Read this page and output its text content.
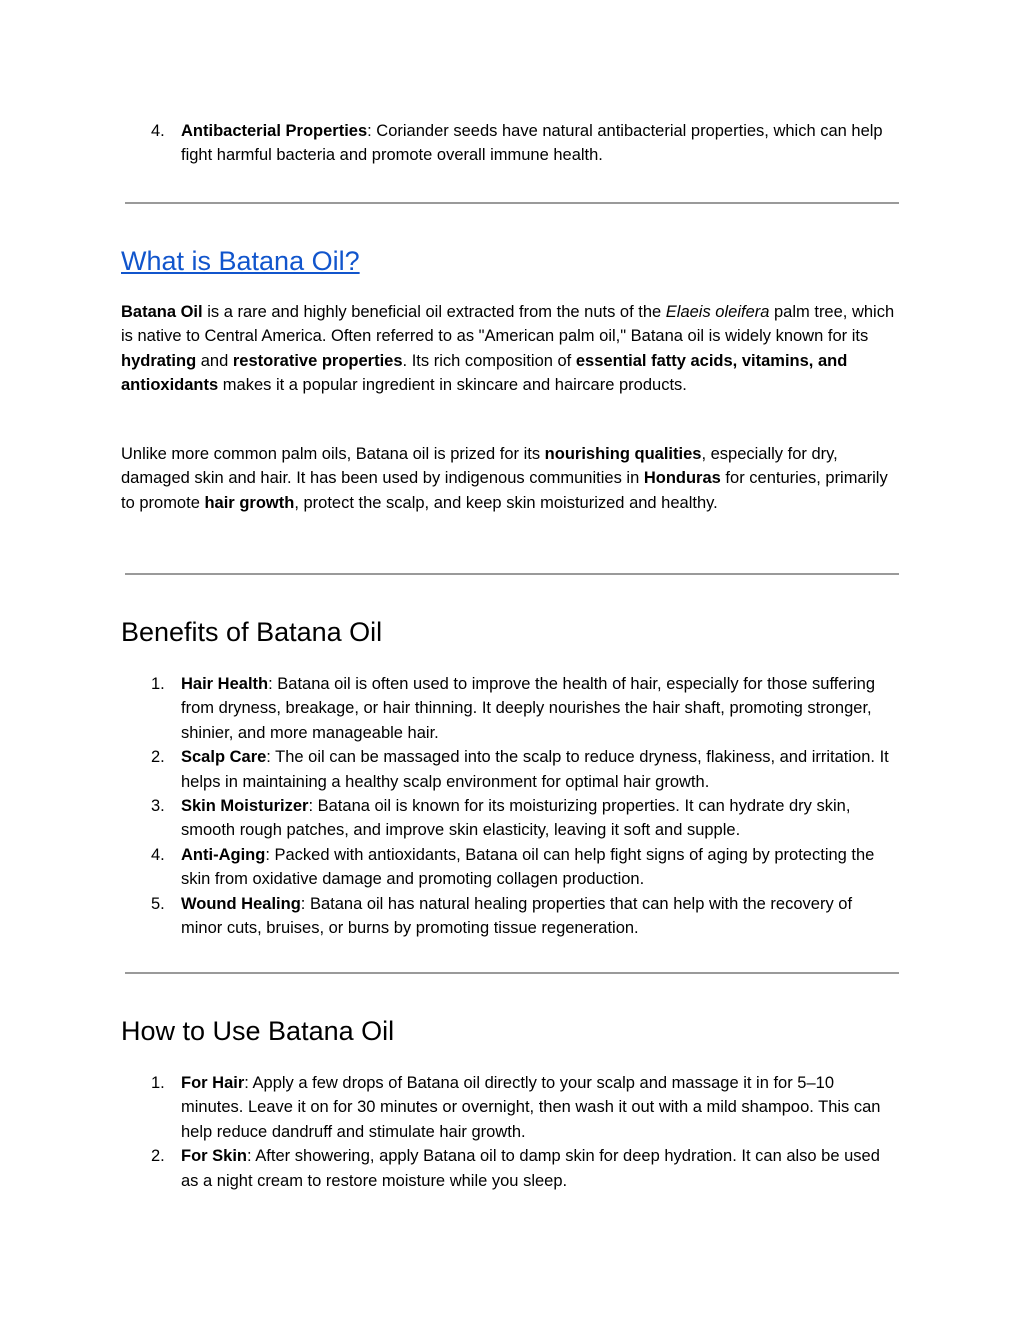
4. Antibacterial Properties: Coriander seeds have natural antibacterial properties, which can help fight harmful bacteria and promote overall immune health.
What is Batana Oil?

Batana Oil is a rare and highly beneficial oil extracted from the nuts of the Elaeis oleifera palm tree, which is native to Central America. Often referred to as "American palm oil," Batana oil is widely known for its hydrating and restorative properties. Its rich composition of essential fatty acids, vitamins, and antioxidants makes it a popular ingredient in skincare and haircare products.

Unlike more common palm oils, Batana oil is prized for its nourishing qualities, especially for dry, damaged skin and hair. It has been used by indigenous communities in Honduras for centuries, primarily to promote hair growth, protect the scalp, and keep skin moisturized and healthy.

Benefits of Batana Oil
1. Hair Health: Batana oil is often used to improve the health of hair, especially for those suffering from dryness, breakage, or hair thinning. It deeply nourishes the hair shaft, promoting stronger, shinier, and more manageable hair.
2. Scalp Care: The oil can be massaged into the scalp to reduce dryness, flakiness, and irritation. It helps in maintaining a healthy scalp environment for optimal hair growth.
3. Skin Moisturizer: Batana oil is known for its moisturizing properties. It can hydrate dry skin, smooth rough patches, and improve skin elasticity, leaving it soft and supple.
4. Anti-Aging: Packed with antioxidants, Batana oil can help fight signs of aging by protecting the skin from oxidative damage and promoting collagen production.
5. Wound Healing: Batana oil has natural healing properties that can help with the recovery of minor cuts, bruises, or burns by promoting tissue regeneration.
How to Use Batana Oil
1. For Hair: Apply a few drops of Batana oil directly to your scalp and massage it in for 5–10 minutes. Leave it on for 30 minutes or overnight, then wash it out with a mild shampoo. This can help reduce dandruff and stimulate hair growth.
2. For Skin: After showering, apply Batana oil to damp skin for deep hydration. It can also be used as a night cream to restore moisture while you sleep.
